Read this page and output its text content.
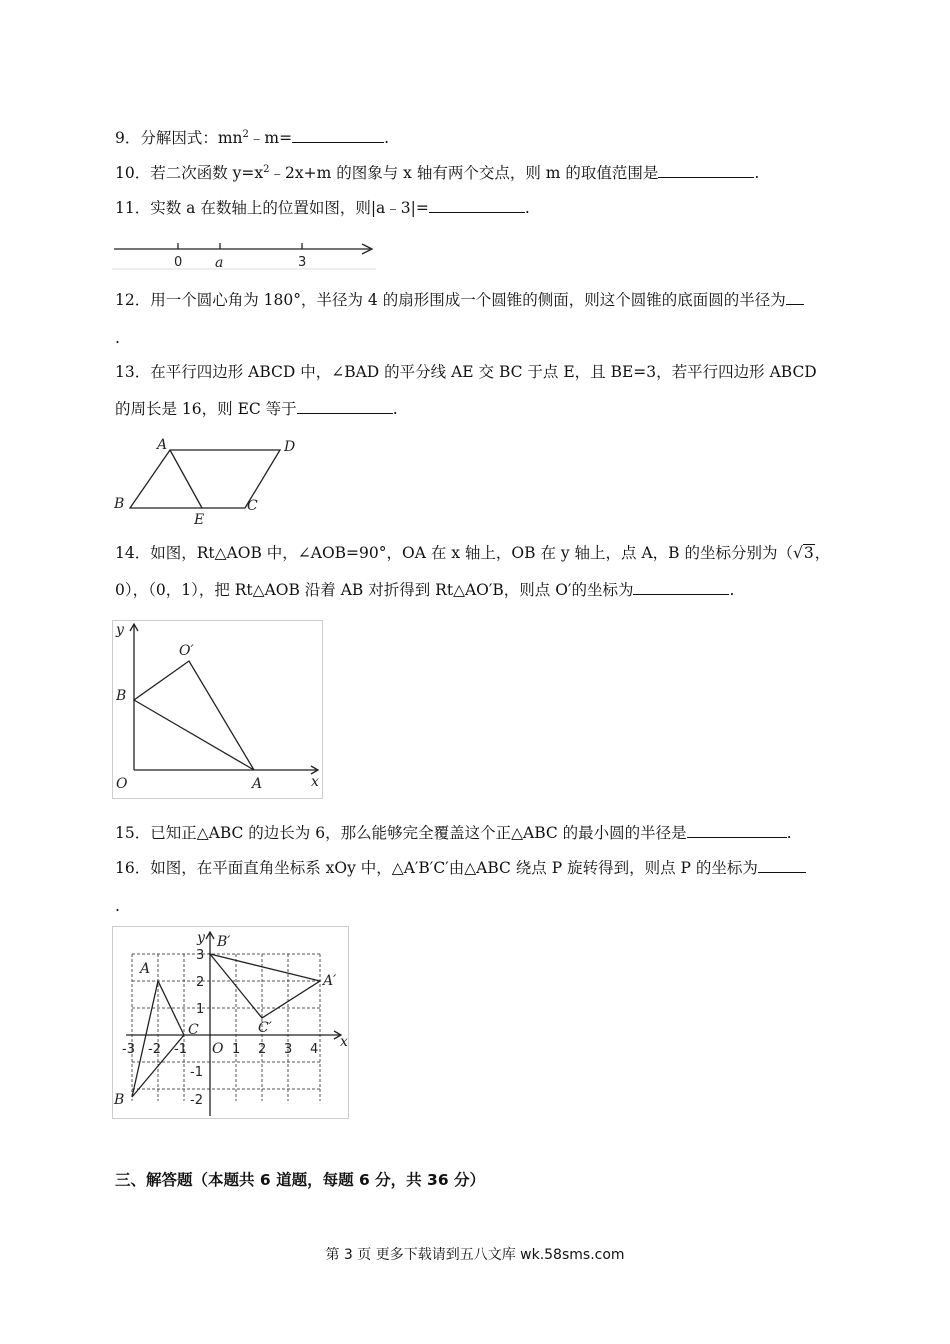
9．分解因式：$mn^2﹣m=$	.
10．若二次函数 $y=x^2﹣2x+m$ 的图象与 x 轴有两个交点，则 m 的取值范围是	.
11．实数 a 在数轴上的位置如图，则|a﹣3|=	.
0 a	3
12．用一个圆心角为 180°，半径为 4 的扇形围成一个圆锥的侧面，则这个圆锥的底面圆的半径为
.
13．在平行四边形 ABCD 中，∠BAD 的平分线 AE 交 BC 于点 E，且 BE=3，若平行四边形 ABCD
的周长是 16，则 EC 等于	.
A	D
B
E
C
14．如图，Rt△AOB 中，∠AOB=90°，OA 在 x 轴上，OB 在 y 轴上，点 A，B 的坐标分别为（√3，
0），（0，1），把 Rt△AOB 沿着 AB 对折得到 Rt△AO′B，则点 O′的坐标为	.
y
O′
B
O	A	x
15．已知正△ABC 的边长为 6，那么能够完全覆盖这个正△ABC 的最小圆的半径是	.
16．如图，在平面直角坐标系 xOy 中，△A′B′C′由△ABC 绕点 P 旋转得到，则点 P 的坐标为
.
x
y
A
B
C
B′
A′
C′
O
-3 -2 -1	1 2 3 4
3
2
1
-1
-2
三、解答题（本题共 6 道题，每题 6 分，共 36 分）
第 3 页 更多下载请到五八文库 wk.58sms.com
